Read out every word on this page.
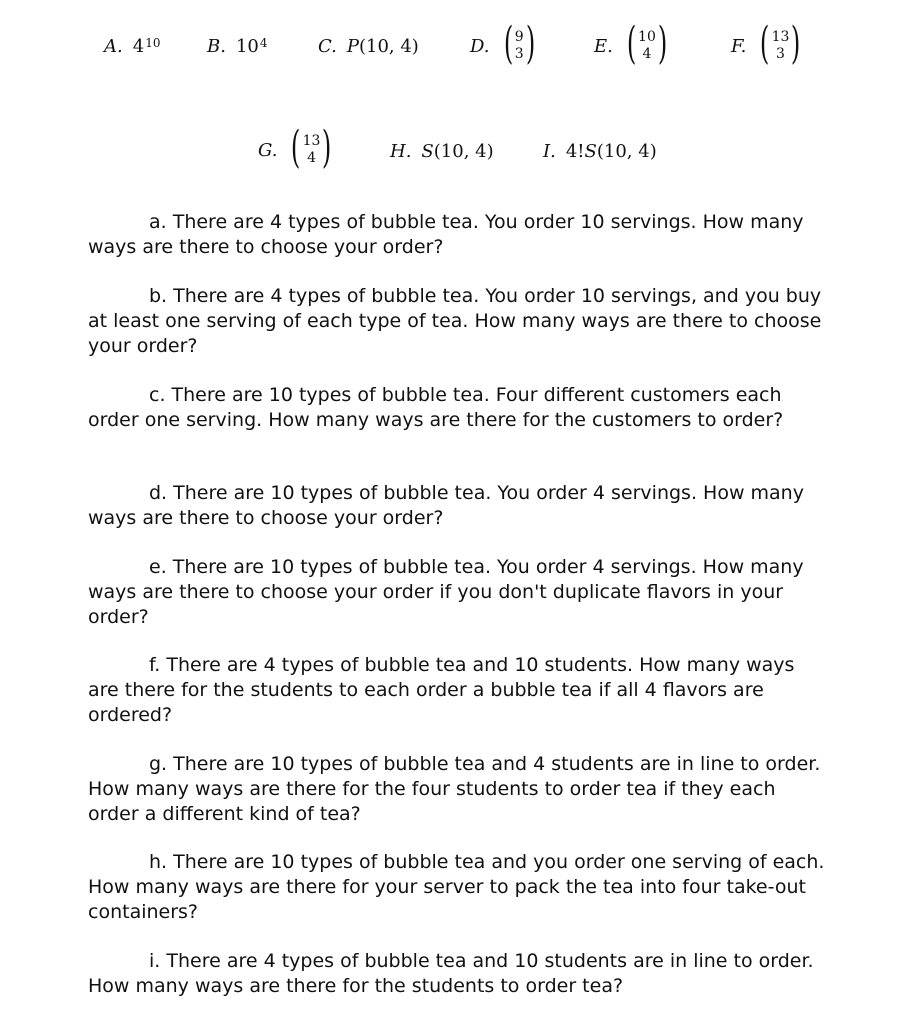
A. $4^{10}$	B. $10^4$	C. P (10, 4)	D. ( 9
3 )	E. ( 10
4 )	F. ( 13
3 )
G. ( 13
4 )	H. S (10, 4)	I. 4! S (10, 4)

a. There are 4 types of bubble tea. You order 10 servings. How many ways are there to choose your order?

b. There are 4 types of bubble tea. You order 10 servings, and you buy at least one serving of each type of tea. How many ways are there to choose your order?

c. There are 10 types of bubble tea. Four different customers each order one serving. How many ways are there for the customers to order?

d. There are 10 types of bubble tea. You order 4 servings. How many ways are there to choose your order?

e. There are 10 types of bubble tea. You order 4 servings. How many ways are there to choose your order if you don't duplicate flavors in your order?

f. There are 4 types of bubble tea and 10 students. How many ways are there for the students to each order a bubble tea if all 4 flavors are ordered?

g. There are 10 types of bubble tea and 4 students are in line to order. How many ways are there for the four students to order tea if they each order a different kind of tea?

h. There are 10 types of bubble tea and you order one serving of each. How many ways are there for your server to pack the tea into four take-out containers?

i. There are 4 types of bubble tea and 10 students are in line to order. How many ways are there for the students to order tea?
